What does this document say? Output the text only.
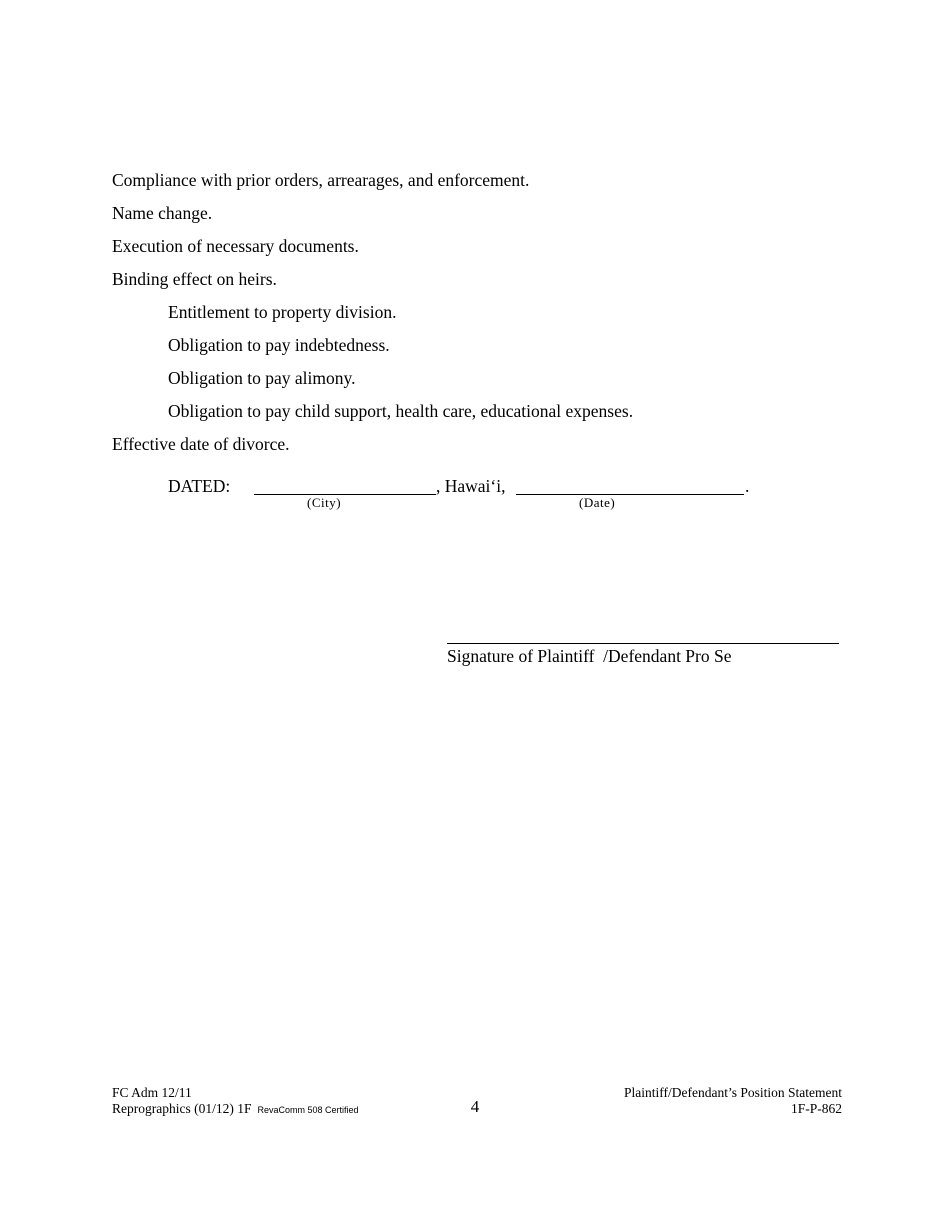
Compliance with prior orders, arrearages, and enforcement.
Name change.
Execution of necessary documents.
Binding effect on heirs.
Entitlement to property division.
Obligation to pay indebtedness.
Obligation to pay alimony.
Obligation to pay child support, health care, educational expenses.
Effective date of divorce.
DATED:	, Hawai‘i,	.
(City)	(Date)
Signature of Plaintiff  /Defendant Pro Se
FC Adm 12/11
Reprographics (01/12) 1F RevaComm 508 Certified	4
Plaintiff/Defendant’s Position Statement
1F-P-862
